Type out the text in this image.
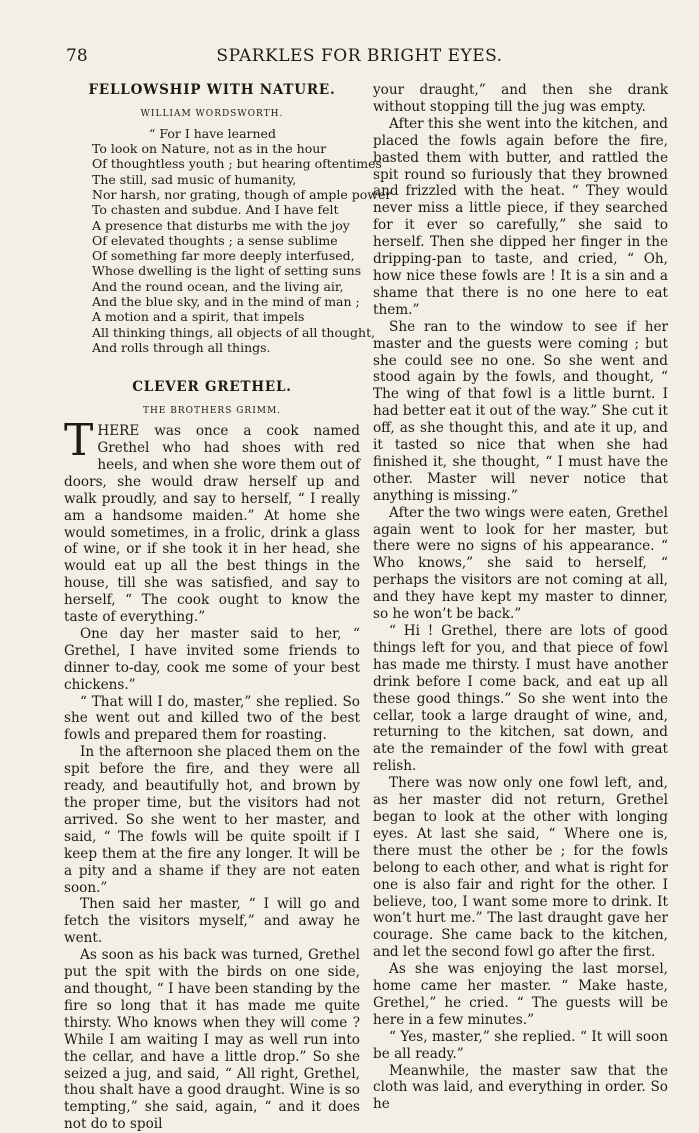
78	SPARKLES FOR BRIGHT EYES.
FELLOWSHIP WITH NATURE.
WILLIAM WORDSWORTH.
“ For I have learned
To look on Nature, not as in the hour
Of thoughtless youth ; but hearing oftentimes
The still, sad music of humanity,
Nor harsh, nor grating, though of ample power
To chasten and subdue. And I have felt
A presence that disturbs me with the joy
Of elevated thoughts ; a sense sublime
Of something far more deeply interfused,
Whose dwelling is the light of setting suns
And the round ocean, and the living air,
And the blue sky, and in the mind of man ;
A motion and a spirit, that impels
All thinking things, all objects of all thought,
And rolls through all things.
CLEVER GRETHEL.
THE BROTHERS GRIMM.

THERE was once a cook named Grethel who had shoes with red heels, and when she wore them out of doors, she would draw herself up and walk proudly, and say to herself, “ I really am a handsome maiden.” At home she would sometimes, in a frolic, drink a glass of wine, or if she took it in her head, she would eat up all the best things in the house, till she was satisfied, and say to herself, “ The cook ought to know the taste of everything.”

One day her master said to her, “ Grethel, I have invited some friends to dinner to-day, cook me some of your best chickens.”

“ That will I do, master,” she replied. So she went out and killed two of the best fowls and prepared them for roasting.

In the afternoon she placed them on the spit before the fire, and they were all ready, and beautifully hot, and brown by the proper time, but the visitors had not arrived. So she went to her master, and said, “ The fowls will be quite spoilt if I keep them at the fire any longer. It will be a pity and a shame if they are not eaten soon.”

Then said her master, “ I will go and fetch the visitors myself,” and away he went.

As soon as his back was turned, Grethel put the spit with the birds on one side, and thought, “ I have been standing by the fire so long that it has made me quite thirsty. Who knows when they will come ? While I am waiting I may as well run into the cellar, and have a little drop.” So she seized a jug, and said, “ All right, Grethel, thou shalt have a good draught. Wine is so tempting,” she said, again, “ and it does not do to spoil

your draught,” and then she drank without stopping till the jug was empty.

After this she went into the kitchen, and placed the fowls again before the fire, basted them with butter, and rattled the spit round so furiously that they browned and frizzled with the heat. “ They would never miss a little piece, if they searched for it ever so carefully,” she said to herself. Then she dipped her finger in the dripping-pan to taste, and cried, “ Oh, how nice these fowls are ! It is a sin and a shame that there is no one here to eat them.”

She ran to the window to see if her master and the guests were coming ; but she could see no one. So she went and stood again by the fowls, and thought, “ The wing of that fowl is a little burnt. I had better eat it out of the way.” She cut it off, as she thought this, and ate it up, and it tasted so nice that when she had finished it, she thought, “ I must have the other. Master will never notice that anything is missing.”

After the two wings were eaten, Grethel again went to look for her master, but there were no signs of his appearance. “ Who knows,” she said to herself, “ perhaps the visitors are not coming at all, and they have kept my master to dinner, so he won’t be back.”

“ Hi ! Grethel, there are lots of good things left for you, and that piece of fowl has made me thirsty. I must have another drink before I come back, and eat up all these good things.” So she went into the cellar, took a large draught of wine, and, returning to the kitchen, sat down, and ate the remainder of the fowl with great relish.

There was now only one fowl left, and, as her master did not return, Grethel began to look at the other with longing eyes. At last she said, “ Where one is, there must the other be ; for the fowls belong to each other, and what is right for one is also fair and right for the other. I believe, too, I want some more to drink. It won’t hurt me.” The last draught gave her courage. She came back to the kitchen, and let the second fowl go after the first.

As she was enjoying the last morsel, home came her master. “ Make haste, Grethel,” he cried. “ The guests will be here in a few minutes.”

“ Yes, master,” she replied. “ It will soon be all ready.”

Meanwhile, the master saw that the cloth was laid, and everything in order. So he
